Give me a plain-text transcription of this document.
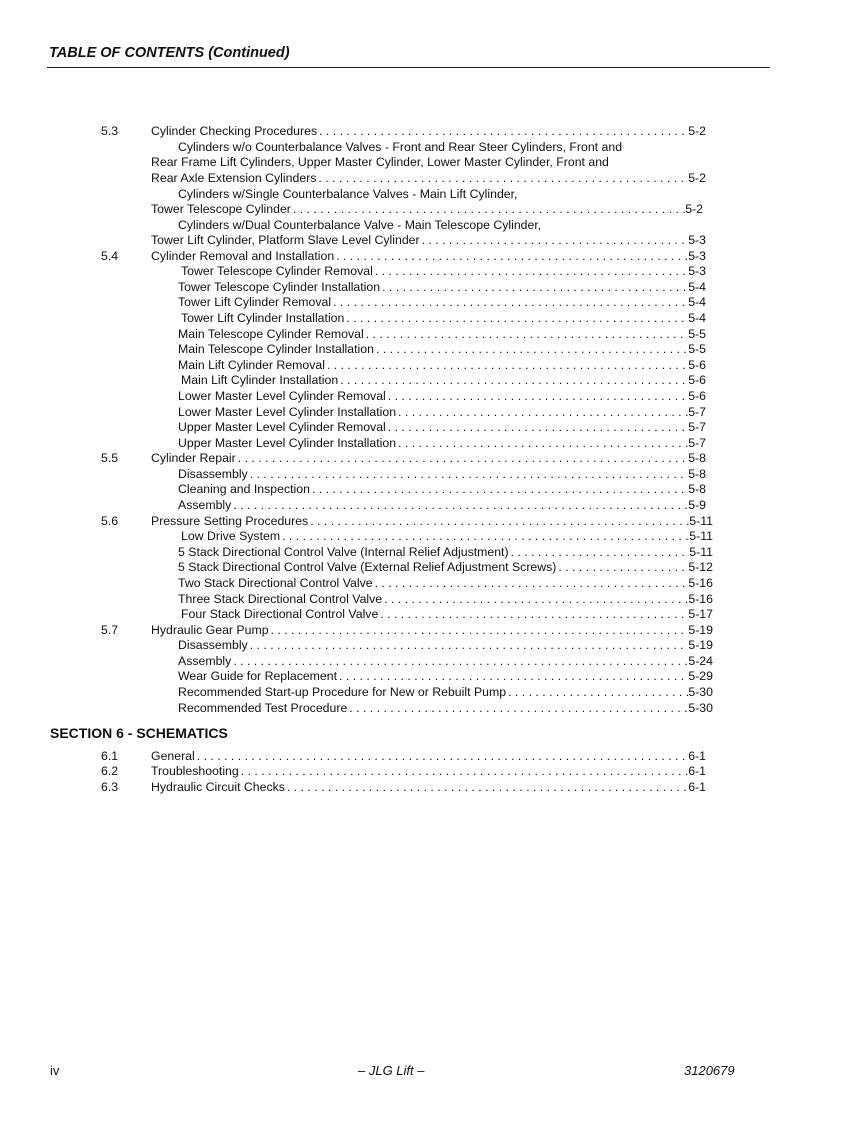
TABLE OF CONTENTS (Continued)
5.3	Cylinder Checking Procedures . . .	5-2
Cylinders w/o Counterbalance Valves - Front and Rear Steer Cylinders, Front and
Rear Frame Lift Cylinders, Upper Master Cylinder, Lower Master Cylinder, Front and
Rear Axle Extension Cylinders . . .	5-2
Cylinders w/Single Counterbalance Valves - Main Lift Cylinder,
Tower Telescope Cylinder . . .	5-2
Cylinders w/Dual Counterbalance Valve - Main Telescope Cylinder,
Tower Lift Cylinder, Platform Slave Level Cylinder . . .	5-3
5.4	Cylinder Removal and Installation . . .	5-3
Tower Telescope Cylinder Removal . . .	5-3
Tower Telescope Cylinder Installation . . .	5-4
Tower Lift Cylinder Removal . . .	5-4
Tower Lift Cylinder Installation . . .	5-4
Main Telescope Cylinder Removal . . .	5-5
Main Telescope Cylinder Installation . . .	5-5
Main Lift Cylinder Removal . . .	5-6
Main Lift Cylinder Installation . . .	5-6
Lower Master Level Cylinder Removal . . .	5-6
Lower Master Level Cylinder Installation . . .	5-7
Upper Master Level Cylinder Removal . . .	5-7
Upper Master Level Cylinder Installation . . .	5-7
5.5	Cylinder Repair . . .	5-8
Disassembly . . .	5-8
Cleaning and Inspection . . .	5-8
Assembly . . .	5-9
5.6	Pressure Setting Procedures . . .	5-11
Low Drive System . . .	5-11
5 Stack Directional Control Valve (Internal Relief Adjustment) . . .	5-11
5 Stack Directional Control Valve (External Relief Adjustment Screws) . . .	5-12
Two Stack Directional Control Valve . . .	5-16
Three Stack Directional Control Valve . . .	5-16
Four Stack Directional Control Valve . . .	5-17
5.7	Hydraulic Gear Pump . . .	5-19
Disassembly . . .	5-19
Assembly . . .	5-24
Wear Guide for Replacement . . .	5-29
Recommended Start-up Procedure for New or Rebuilt Pump . . .	5-30
Recommended Test Procedure . . .	5-30
SECTION 6 - SCHEMATICS
6.1	General . . .	6-1
6.2	Troubleshooting . . .	6-1
6.3	Hydraulic Circuit Checks . . .	6-1
iv	– JLG Lift –	3120679
